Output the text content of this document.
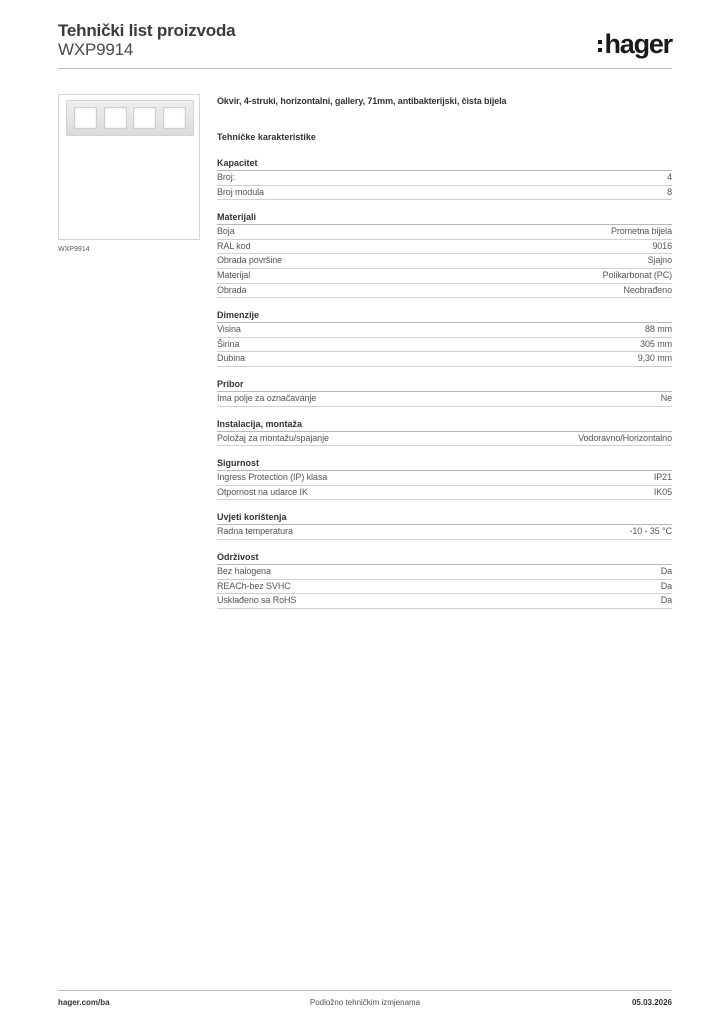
Tehnički list proizvoda
WXP9914	hager
WXP9914
Okvir, 4-struki, horizontalni, gallery, 71mm, antibakterijski, čista bijela
Tehničke karakteristike
Kapacitet
Broj:	4
Broj modula	8
Materijali
Boja	Prometna bijela
RAL kod	9016
Obrada površine	Sjajno
Materijal	Polikarbonat (PC)
Obrada	Neobrađeno
Dimenzije
Visina	88 mm
Širina	305 mm
Dubina	9,30 mm
Pribor
Ima polje za označavanje	Ne
Instalacija, montaža
Položaj za montažu/spajanje	Vodoravno/Horizontalno
Sigurnost
Ingress Protection (IP) klasa	IP21
Otpornost na udarce IK	IK05
Uvjeti korištenja
Radna temperatura	-10 - 35 °C
Održivost
Bez halogena	Da
REACh-bez SVHC	Da
Usklađeno sa RoHS	Da
hager.com/ba	Podložno tehničkim izmjenama	05.03.2026
